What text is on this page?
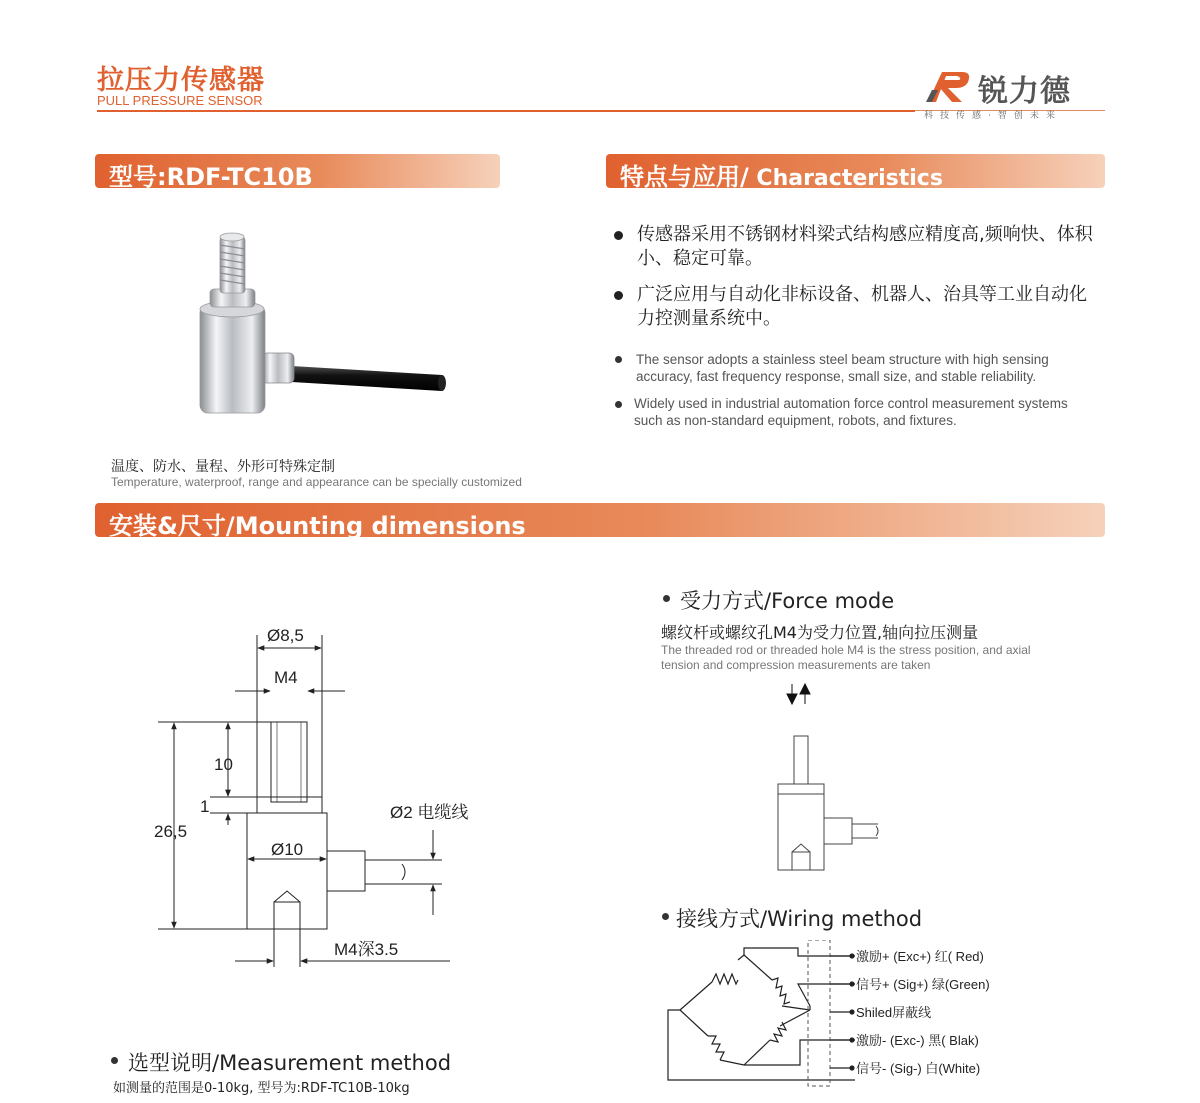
拉压力传感器
PULL PRESSURE SENSOR	锐力德
科技传感·智创未来
型号:RDF-TC10B
温度、防水、量程、外形可特殊定制
Temperature, waterproof, range and appearance can be specially customized
特点与应用/ Characteristics
传感器采用不锈钢材料梁式结构感应精度高,频响快、体积小、稳定可靠。
广泛应用与自动化非标设备、机器人、治具等工业自动化力控测量系统中。
The sensor adopts a stainless steel beam structure with high sensing accuracy, fast frequency response, small size, and stable reliability.
Widely used in industrial automation force control measurement systems such as non-standard equipment, robots, and fixtures.
安装&尺寸/Mounting dimensions
Ø8,5
M4
10
1
26,5
Ø10
Ø2 电缆线
M4深3.5
受力方式/Force mode
螺纹杆或螺纹孔M4为受力位置,轴向拉压测量
The threaded rod or threaded hole M4 is the stress position, and axial tension and compression measurements are taken
接线方式/Wiring method
激励+ (Exc+) 红( Red)
信号+ (Sig+) 绿(Green)
Shiled屏蔽线
激励- (Exc-) 黑( Blak)
信号- (Sig-) 白(White)
选型说明/Measurement method
如测量的范围是0-10kg, 型号为:RDF-TC10B-10kg
